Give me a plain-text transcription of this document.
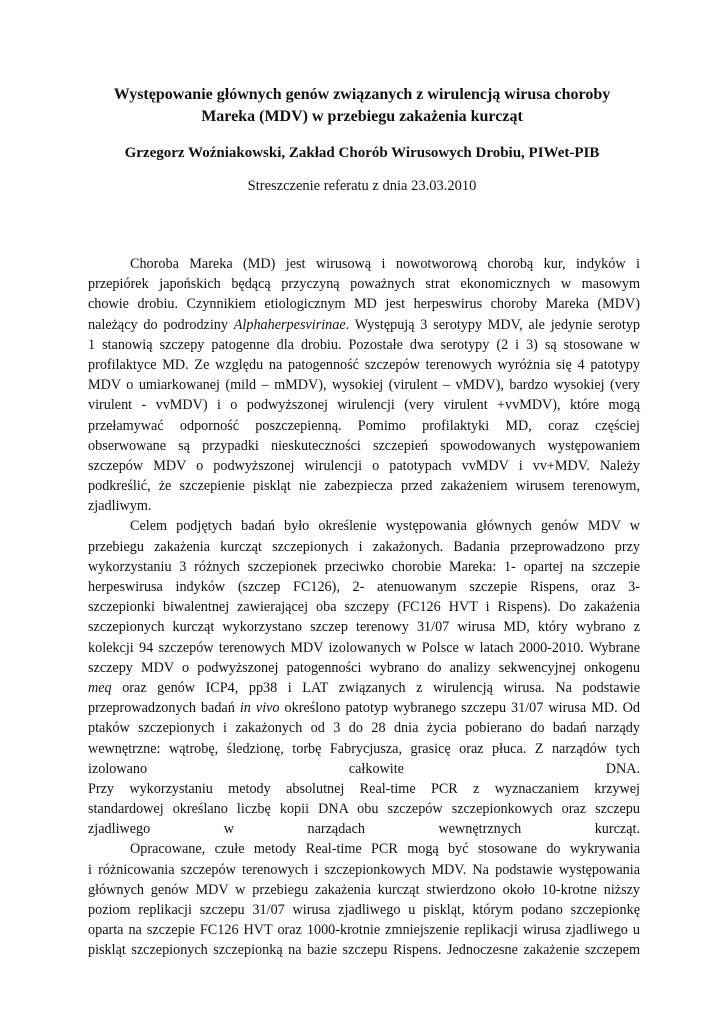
Występowanie głównych genów związanych z wirulencją wirusa choroby
Mareka (MDV) w przebiegu zakażenia kurcząt
Grzegorz Woźniakowski, Zakład Chorób Wirusowych Drobiu, PIWet-PIB
Streszczenie referatu z dnia 23.03.2010
Choroba Mareka (MD) jest wirusową i nowotworową chorobą kur, indyków i
przepiórek japońskich będącą przyczyną poważnych strat ekonomicznych w masowym
chowie drobiu. Czynnikiem etiologicznym MD jest herpeswirus choroby Mareka (MDV)
należący do podrodziny Alphaherpesvirinae. Występują 3 serotypy MDV, ale jedynie serotyp
1 stanowią szczepy patogenne dla drobiu. Pozostałe dwa serotypy (2 i 3) są stosowane w
profilaktyce MD. Ze względu na patogenność szczepów terenowych wyróżnia się 4 patotypy
MDV o umiarkowanej (mild – mMDV), wysokiej (virulent – vMDV), bardzo wysokiej (very
virulent - vvMDV) i o podwyższonej wirulencji (very virulent +vvMDV), które mogą
przełamywać odporność poszczepienną. Pomimo profilaktyki MD, coraz częściej
obserwowane są przypadki nieskuteczności szczepień spowodowanych występowaniem
szczepów MDV o podwyższonej wirulencji o patotypach vvMDV i vv+MDV. Należy
podkreślić, że szczepienie piskląt nie zabezpiecza przed zakażeniem wirusem terenowym,
zjadliwym.
Celem podjętych badań było określenie występowania głównych genów MDV w
przebiegu zakażenia kurcząt szczepionych i zakażonych. Badania przeprowadzono przy
wykorzystaniu 3 różnych szczepionek przeciwko chorobie Mareka: 1- opartej na szczepie
herpeswirusa indyków (szczep FC126), 2- atenuowanym szczepie Rispens, oraz 3-
szczepionki biwalentnej zawierającej oba szczepy (FC126 HVT i Rispens). Do zakażenia
szczepionych kurcząt wykorzystano szczep terenowy 31/07 wirusa MD, który wybrano z
kolekcji 94 szczepów terenowych MDV izolowanych w Polsce w latach 2000-2010. Wybrane
szczepy MDV o podwyższonej patogenności wybrano do analizy sekwencyjnej onkogenu
meq oraz genów ICP4, pp38 i LAT związanych z wirulencją wirusa. Na podstawie
przeprowadzonych badań in vivo określono patotyp wybranego szczepu 31/07 wirusa MD. Od
ptaków szczepionych i zakażonych od 3 do 28 dnia życia pobierano do badań narządy
wewnętrzne: wątrobę, śledzionę, torbę Fabrycjusza, grasicę oraz płuca. Z narządów tych
izolowano całkowite DNA.
Przy wykorzystaniu metody absolutnej Real-time PCR z wyznaczaniem krzywej
standardowej określano liczbę kopii DNA obu szczepów szczepionkowych oraz szczepu
zjadliwego w narządach wewnętrznych kurcząt.
Opracowane, czułe metody Real-time PCR mogą być stosowane do wykrywania
i różnicowania szczepów terenowych i szczepionkowych MDV. Na podstawie występowania
głównych genów MDV w przebiegu zakażenia kurcząt stwierdzono około 10-krotne niższy
poziom replikacji szczepu 31/07 wirusa zjadliwego u piskląt, którym podano szczepionkę
oparta na szczepie FC126 HVT oraz 1000-krotnie zmniejszenie replikacji wirusa zjadliwego u
piskląt szczepionych szczepionką na bazie szczepu Rispens. Jednoczesne zakażenie szczepem
